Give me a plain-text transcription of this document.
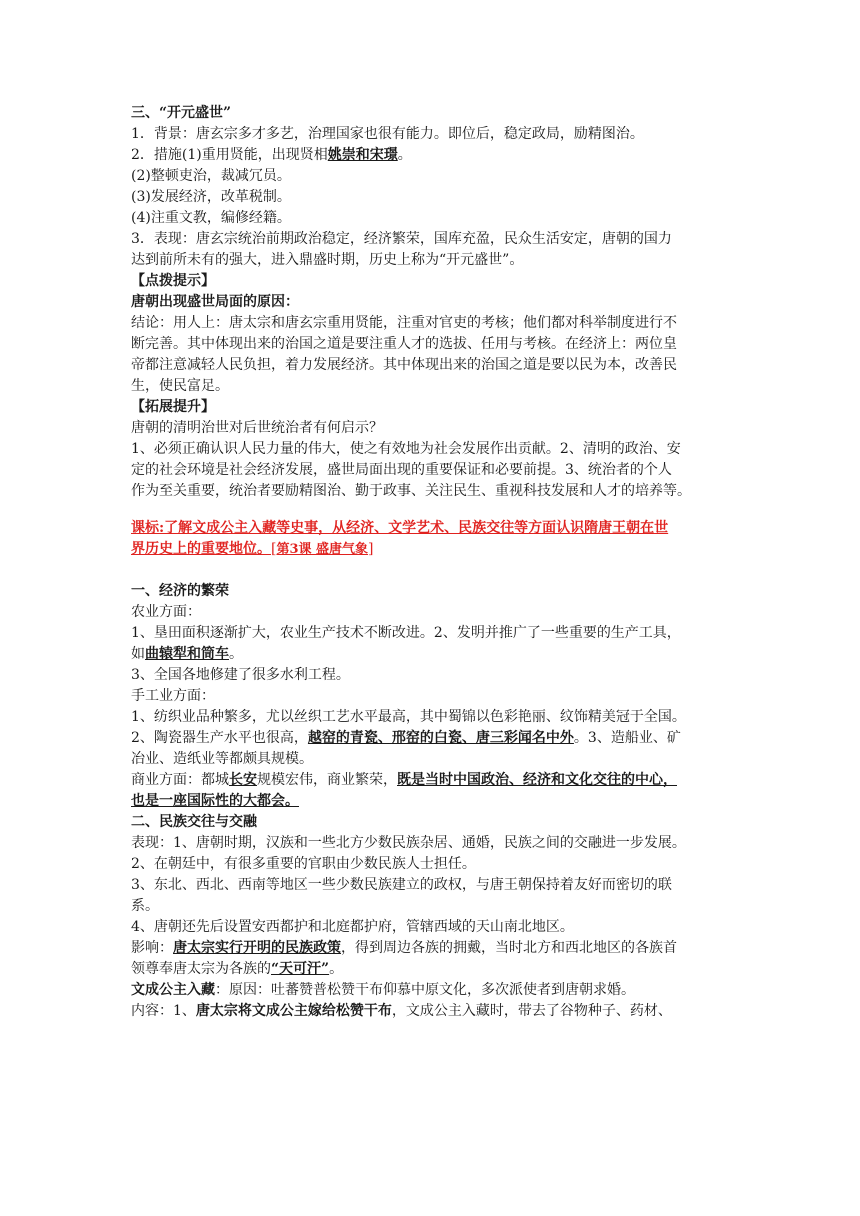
三、“开元盛世”
1．背景：唐玄宗多才多艺，治理国家也很有能力。即位后，稳定政局，励精图治。
2．措施(1)重用贤能，出现贤相姚崇和宋璟。
(2)整顿吏治，裁减冗员。
(3)发展经济，改革税制。
(4)注重文教，编修经籍。
3．表现：唐玄宗统治前期政治稳定，经济繁荣，国库充盈，民众生活安定，唐朝的国力
达到前所未有的强大，进入鼎盛时期，历史上称为“开元盛世”。
【点拨提示】
唐朝出现盛世局面的原因：
结论：用人上：唐太宗和唐玄宗重用贤能，注重对官吏的考核；他们都对科举制度进行不
断完善。其中体现出来的治国之道是要注重人才的选拔、任用与考核。在经济上：两位皇
帝都注意减轻人民负担，着力发展经济。其中体现出来的治国之道是要以民为本，改善民
生，使民富足。
【拓展提升】
唐朝的清明治世对后世统治者有何启示？
1、必须正确认识人民力量的伟大，使之有效地为社会发展作出贡献。2、清明的政治、安
定的社会环境是社会经济发展，盛世局面出现的重要保证和必要前提。3、统治者的个人
作为至关重要，统治者要励精图治、勤于政事、关注民生、重视科技发展和人才的培养等。
课标:了解文成公主入藏等史事，从经济、文学艺术、民族交往等方面认识隋唐王朝在世
界历史上的重要地位。[第3课 盛唐气象]
一、经济的繁荣
农业方面：
1、垦田面积逐渐扩大，农业生产技术不断改进。2、发明并推广了一些重要的生产工具，
如曲辕犁和筒车。
3、全国各地修建了很多水利工程。
手工业方面：
1、纺织业品种繁多，尤以丝织工艺水平最高，其中蜀锦以色彩艳丽、纹饰精美冠于全国。
2、陶瓷器生产水平也很高，越窑的青瓷、邢窑的白瓷、唐三彩闻名中外。3、造船业、矿
冶业、造纸业等都颇具规模。
商业方面：都城长安规模宏伟，商业繁荣，既是当时中国政治、经济和文化交往的中心，
也是一座国际性的大都会。
二、民族交往与交融
表现：1、唐朝时期，汉族和一些北方少数民族杂居、通婚，民族之间的交融进一步发展。
2、在朝廷中，有很多重要的官职由少数民族人士担任。
3、东北、西北、西南等地区一些少数民族建立的政权，与唐王朝保持着友好而密切的联
系。
4、唐朝还先后设置安西都护和北庭都护府，管辖西域的天山南北地区。
影响：唐太宗实行开明的民族政策，得到周边各族的拥戴，当时北方和西北地区的各族首
领尊奉唐太宗为各族的“天可汗”。
文成公主入藏：原因：吐蕃赞普松赞干布仰慕中原文化，多次派使者到唐朝求婚。
内容：1、唐太宗将文成公主嫁给松赞干布，文成公主入藏时，带去了谷物种子、药材、
